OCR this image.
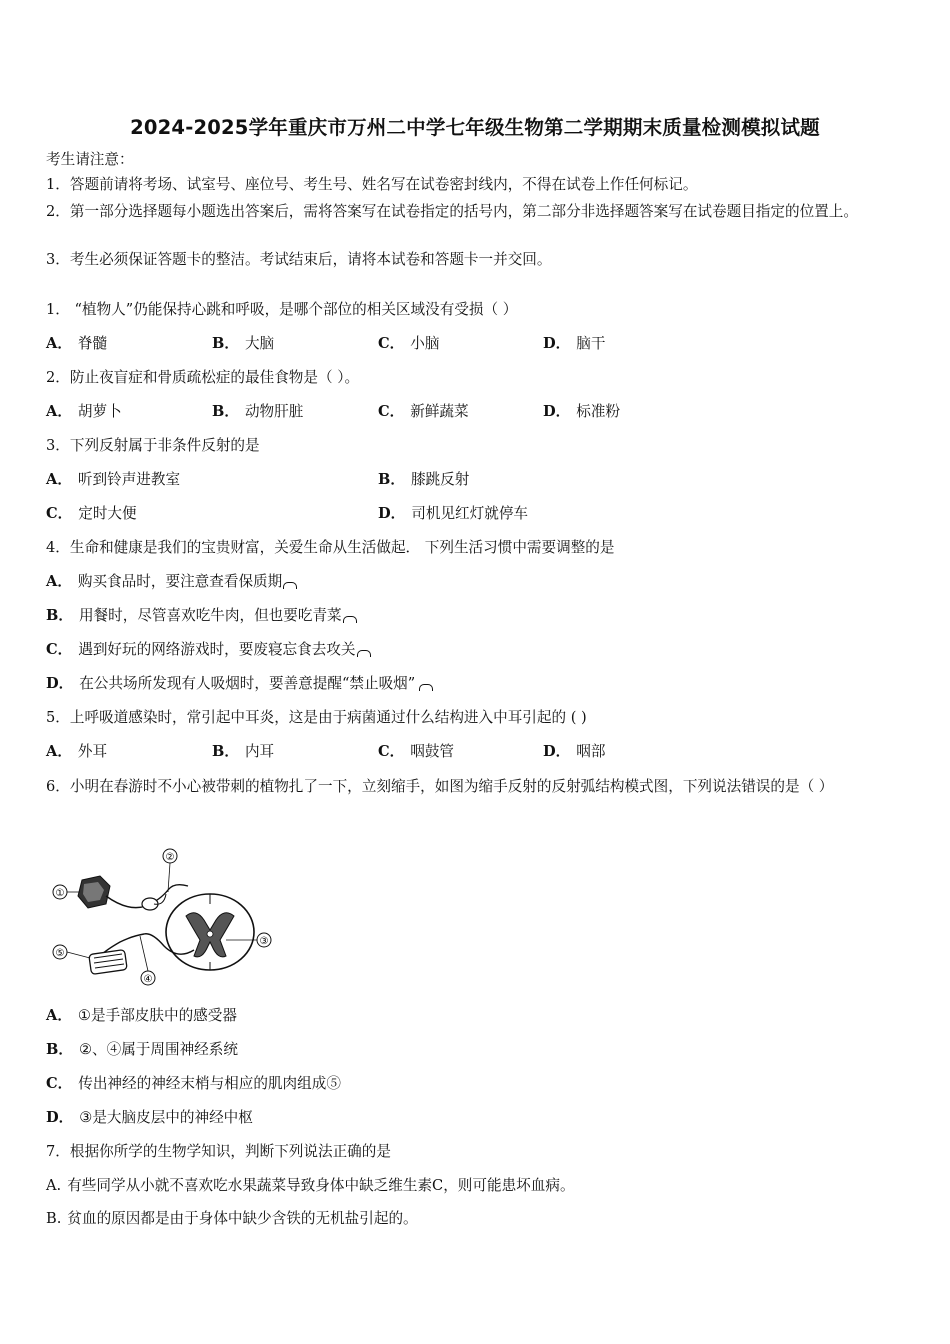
2024-2025学年重庆市万州二中学七年级生物第二学期期末质量检测模拟试题
考生请注意：
1．答题前请将考场、试室号、座位号、考生号、姓名写在试卷密封线内，不得在试卷上作任何标记。
2．第一部分选择题每小题选出答案后，需将答案写在试卷指定的括号内，第二部分非选择题答案写在试卷题目指定的位置上。
3．考生必须保证答题卡的整洁。考试结束后，请将本试卷和答题卡一并交回。
1． “植物人”仍能保持心跳和呼吸，是哪个部位的相关区域没有受损（ ）
A． 脊髓	B． 大脑	C． 小脑	D． 脑干
2．防止夜盲症和骨质疏松症的最佳食物是（ ）。
A． 胡萝卜	B． 动物肝脏	C． 新鲜蔬菜	D． 标准粉
3．下列反射属于非条件反射的是
A． 听到铃声进教室	B． 膝跳反射
C． 定时大便	D． 司机见红灯就停车
4．生命和健康是我们的宝贵财富，关爱生命从生活做起． 下列生活习惯中需要调整的是
A． 购买食品时，要注意查看保质期
B． 用餐时，尽管喜欢吃牛肉，但也要吃青菜
C． 遇到好玩的网络游戏时，要废寝忘食去攻关
D． 在公共场所发现有人吸烟时，要善意提醒“禁止吸烟”
5．上呼吸道感染时，常引起中耳炎，这是由于病菌通过什么结构进入中耳引起的 ( )
A． 外耳	B． 内耳	C． 咽鼓管	D． 咽部
6．小明在春游时不小心被带刺的植物扎了一下，立刻缩手，如图为缩手反射的反射弧结构模式图，下列说法错误的是（ ）
①
②
③
④
⑤
A． ①是手部皮肤中的感受器
B． ②、④属于周围神经系统
C． 传出神经的神经末梢与相应的肌肉组成⑤
D． ③是大脑皮层中的神经中枢
7．根据你所学的生物学知识，判断下列说法正确的是
A. 有些同学从小就不喜欢吃水果蔬菜导致身体中缺乏维生素C，则可能患坏血病。
B. 贫血的原因都是由于身体中缺少含铁的无机盐引起的。
